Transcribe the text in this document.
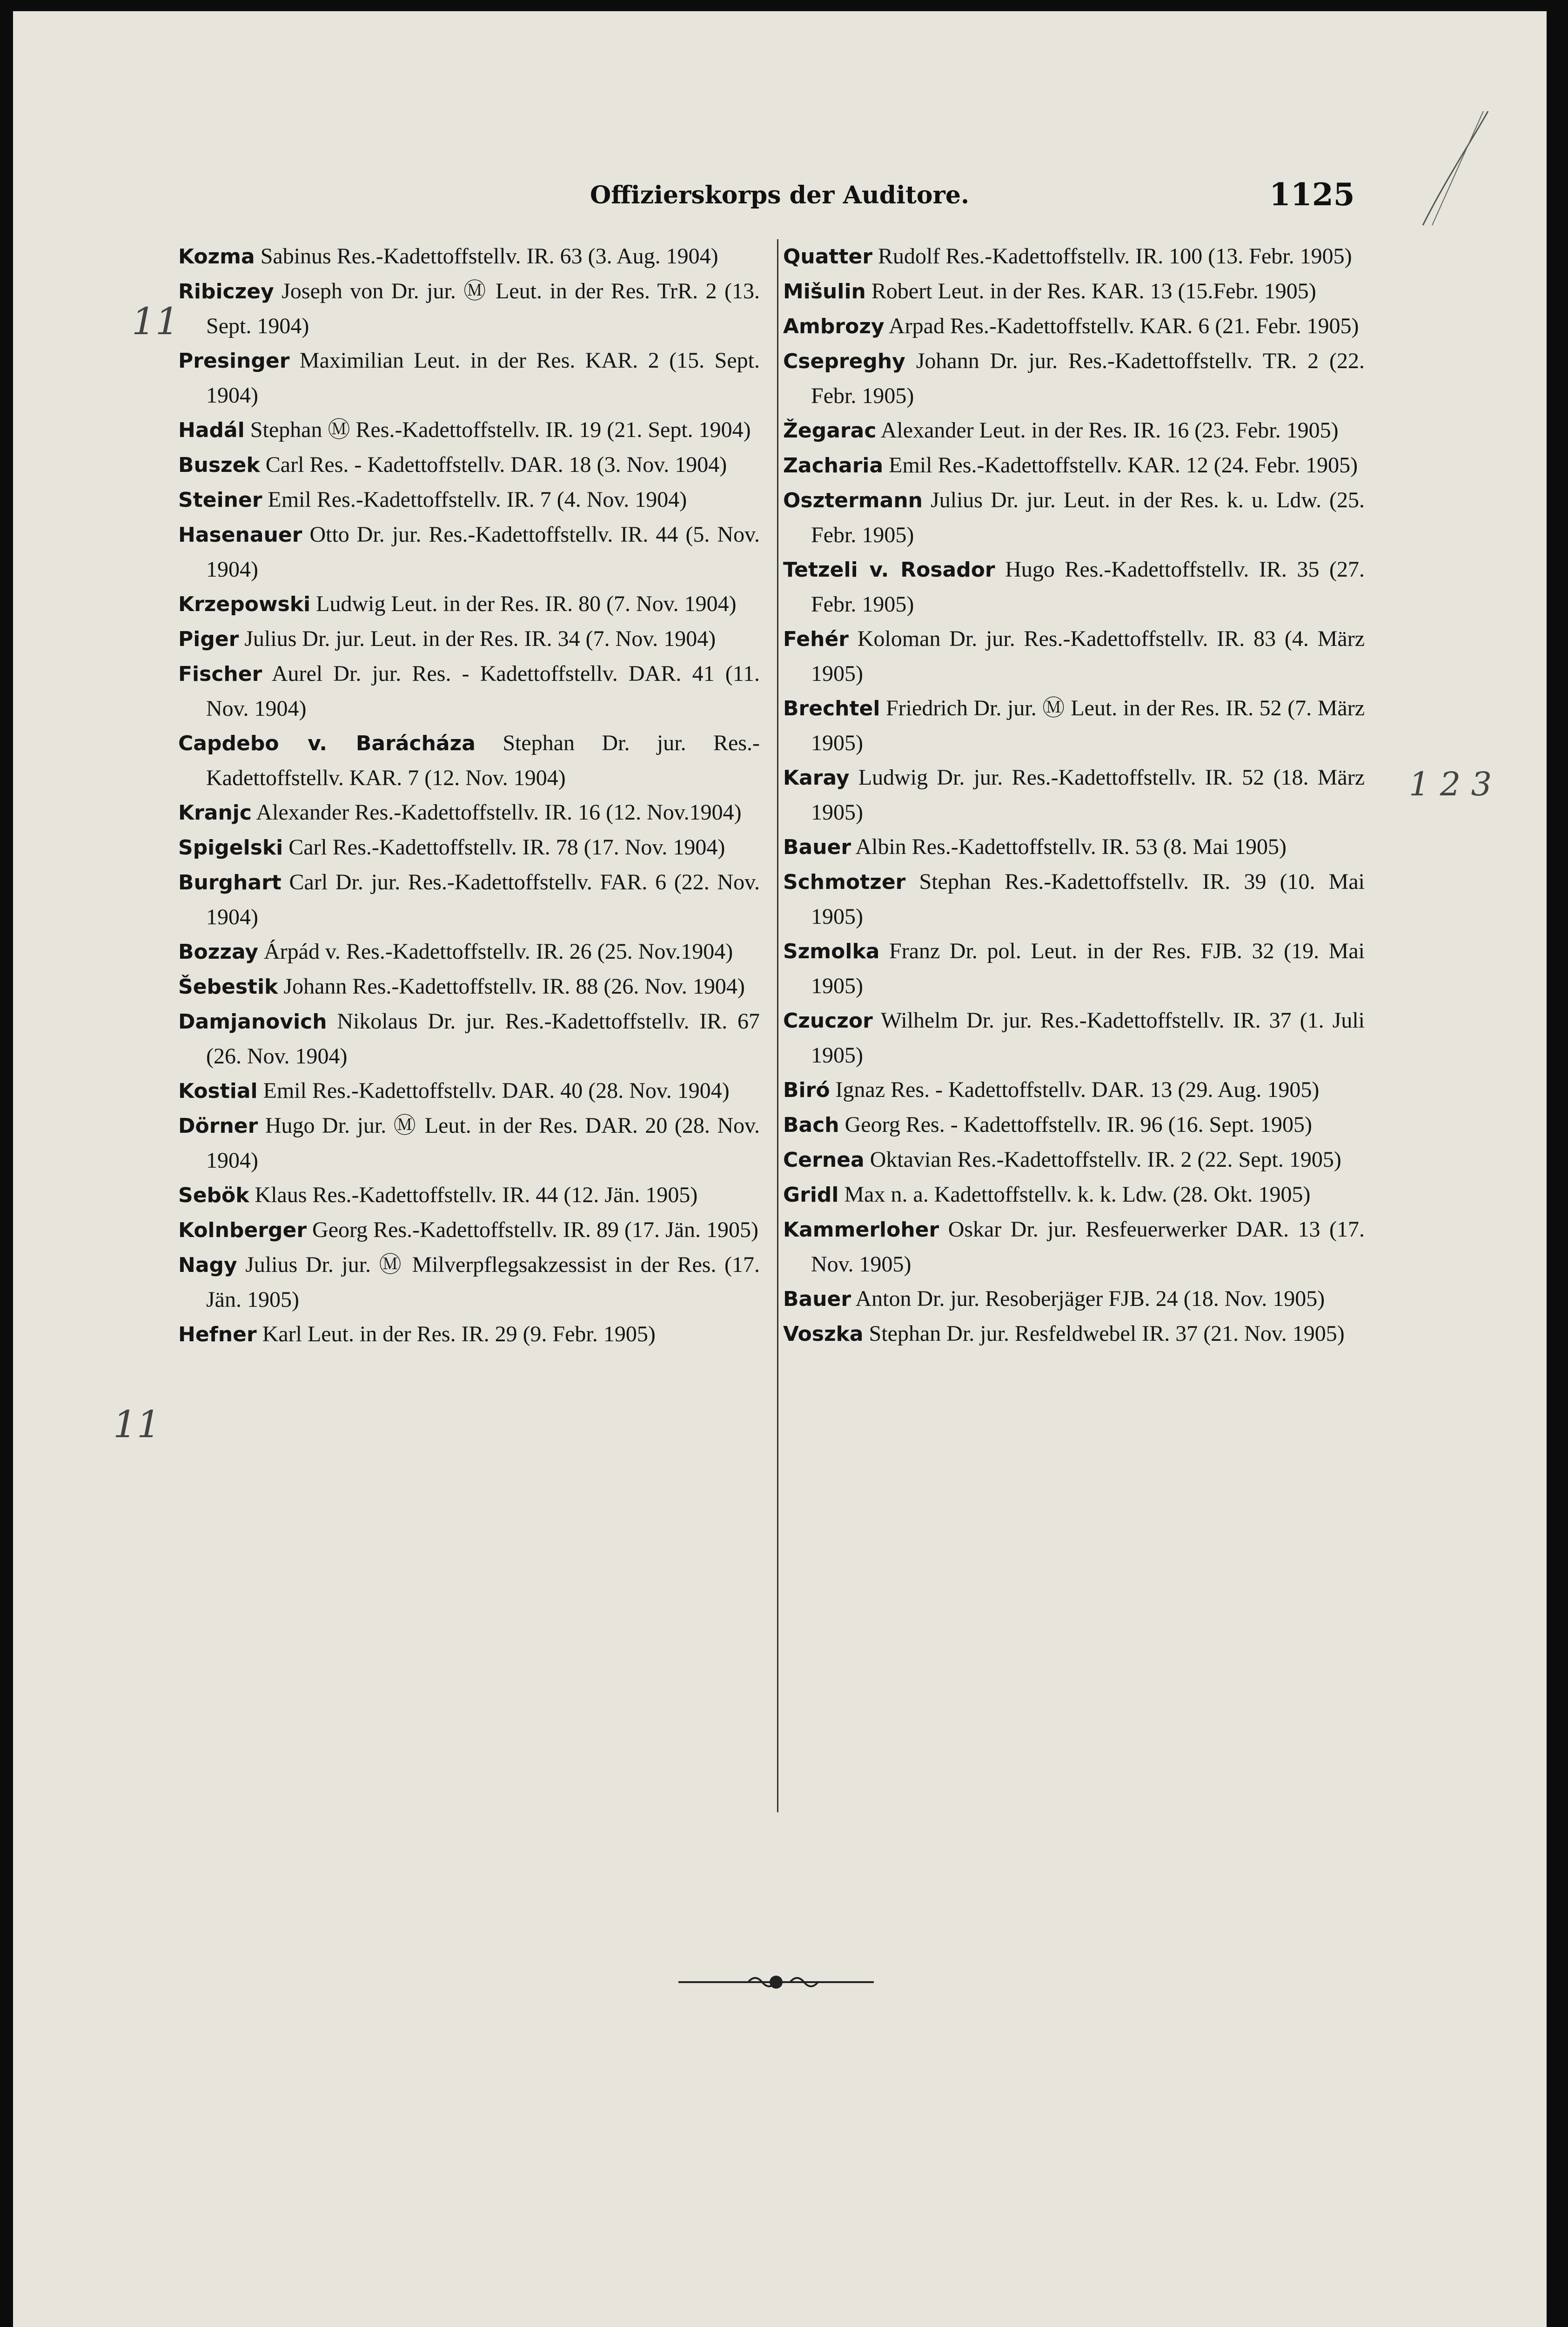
Offizierskorps der Auditore.	1125
11
11
1 2 3

Kozma Sabinus Res.-Kadettoffstellv. IR. 63 (3. Aug. 1904)

Ribiczey Joseph von Dr. jur. Ⓜ Leut. in der Res. TrR. 2 (13. Sept. 1904)

Presinger Maximilian Leut. in der Res. KAR. 2 (15. Sept. 1904)

Hadál Stephan Ⓜ Res.-Kadettoffstellv. IR. 19 (21. Sept. 1904)

Buszek Carl Res. - Kadettoffstellv. DAR. 18 (3. Nov. 1904)

Steiner Emil Res.-Kadettoffstellv. IR. 7 (4. Nov. 1904)

Hasenauer Otto Dr. jur. Res.-Kadettoffstellv. IR. 44 (5. Nov. 1904)

Krzepowski Ludwig Leut. in der Res. IR. 80 (7. Nov. 1904)

Piger Julius Dr. jur. Leut. in der Res. IR. 34 (7. Nov. 1904)

Fischer Aurel Dr. jur. Res. - Kadettoffstellv. DAR. 41 (11. Nov. 1904)

Capdebo v. Barácháza Stephan Dr. jur. Res.-Kadettoffstellv. KAR. 7 (12. Nov. 1904)

Kranjc Alexander Res.-Kadettoffstellv. IR. 16 (12. Nov.1904)

Spigelski Carl Res.-Kadettoffstellv. IR. 78 (17. Nov. 1904)

Burghart Carl Dr. jur. Res.-Kadettoffstellv. FAR. 6 (22. Nov. 1904)

Bozzay Árpád v. Res.-Kadettoffstellv. IR. 26 (25. Nov.1904)

Šebestik Johann Res.-Kadettoffstellv. IR. 88 (26. Nov. 1904)

Damjanovich Nikolaus Dr. jur. Res.-Kadettoffstellv. IR. 67 (26. Nov. 1904)

Kostial Emil Res.-Kadettoffstellv. DAR. 40 (28. Nov. 1904)

Dörner Hugo Dr. jur. Ⓜ Leut. in der Res. DAR. 20 (28. Nov. 1904)

Sebök Klaus Res.-Kadettoffstellv. IR. 44 (12. Jän. 1905)

Kolnberger Georg Res.-Kadettoffstellv. IR. 89 (17. Jän. 1905)

Nagy Julius Dr. jur. Ⓜ Milverpflegsakzessist in der Res. (17. Jän. 1905)

Hefner Karl Leut. in der Res. IR. 29 (9. Febr. 1905)

Quatter Rudolf Res.-Kadettoffstellv. IR. 100 (13. Febr. 1905)

Mišulin Robert Leut. in der Res. KAR. 13 (15.Febr. 1905)

Ambrozy Arpad Res.-Kadettoffstellv. KAR. 6 (21. Febr. 1905)

Csepreghy Johann Dr. jur. Res.-Kadettoffstellv. TR. 2 (22. Febr. 1905)

Žegarac Alexander Leut. in der Res. IR. 16 (23. Febr. 1905)

Zacharia Emil Res.-Kadettoffstellv. KAR. 12 (24. Febr. 1905)

Osztermann Julius Dr. jur. Leut. in der Res. k. u. Ldw. (25. Febr. 1905)

Tetzeli v. Rosador Hugo Res.-Kadettoffstellv. IR. 35 (27. Febr. 1905)

Fehér Koloman Dr. jur. Res.-Kadettoffstellv. IR. 83 (4. März 1905)

Brechtel Friedrich Dr. jur. Ⓜ Leut. in der Res. IR. 52 (7. März 1905)

Karay Ludwig Dr. jur. Res.-Kadettoffstellv. IR. 52 (18. März 1905)

Bauer Albin Res.-Kadettoffstellv. IR. 53 (8. Mai 1905)

Schmotzer Stephan Res.-Kadettoffstellv. IR. 39 (10. Mai 1905)

Szmolka Franz Dr. pol. Leut. in der Res. FJB. 32 (19. Mai 1905)

Czuczor Wilhelm Dr. jur. Res.-Kadettoffstellv. IR. 37 (1. Juli 1905)

Biró Ignaz Res. - Kadettoffstellv. DAR. 13 (29. Aug. 1905)

Bach Georg Res. - Kadettoffstellv. IR. 96 (16. Sept. 1905)

Cernea Oktavian Res.-Kadettoffstellv. IR. 2 (22. Sept. 1905)

Gridl Max n. a. Kadettoffstellv. k. k. Ldw. (28. Okt. 1905)

Kammerloher Oskar Dr. jur. Resfeuerwerker DAR. 13 (17. Nov. 1905)

Bauer Anton Dr. jur. Resoberjäger FJB. 24 (18. Nov. 1905)

Voszka Stephan Dr. jur. Resfeldwebel IR. 37 (21. Nov. 1905)
